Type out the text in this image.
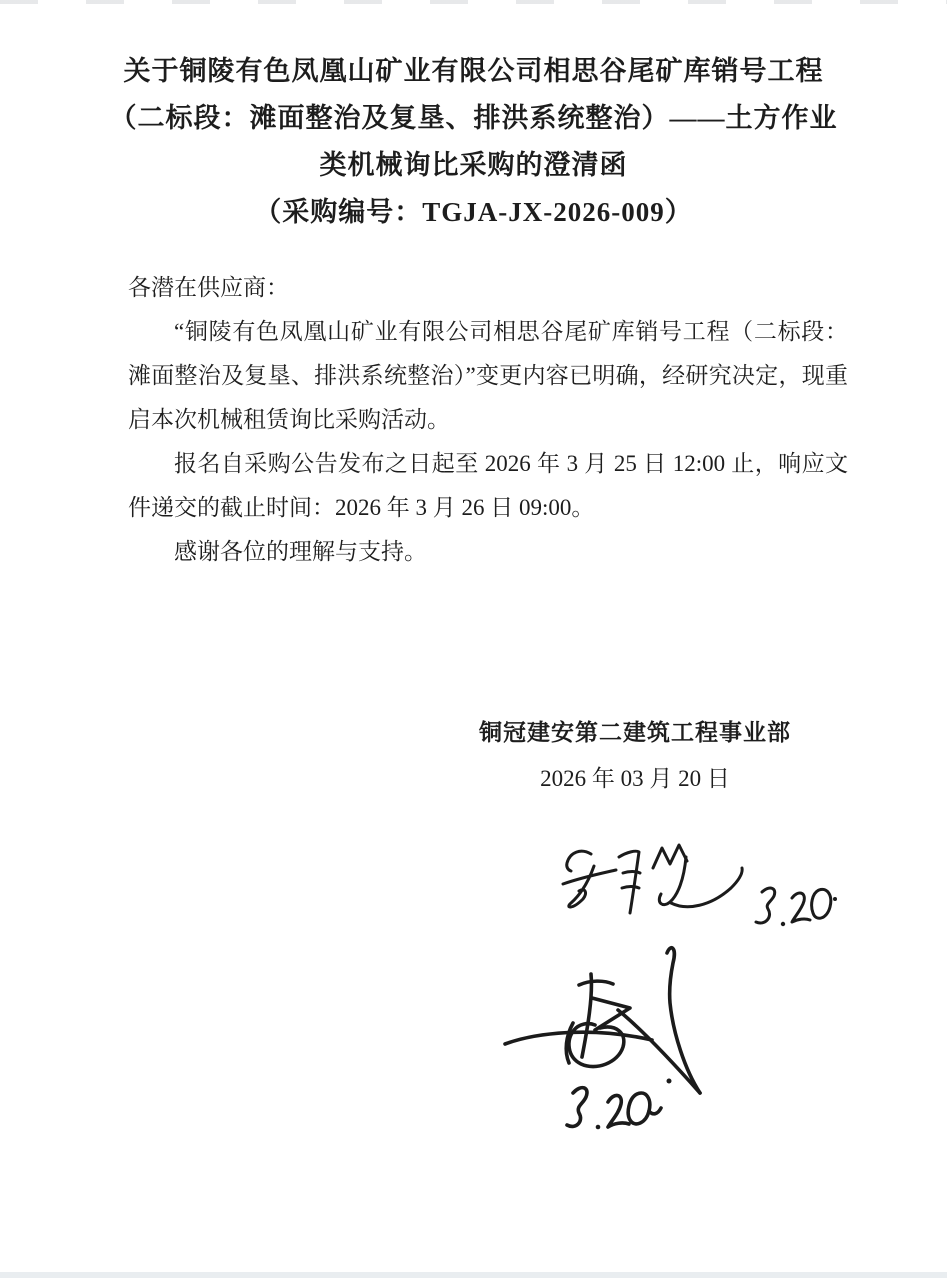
关于铜陵有色凤凰山矿业有限公司相思谷尾矿库销号工程
（二标段：滩面整治及复垦、排洪系统整治）——土方作业
类机械询比采购的澄清函
（采购编号：TGJA-JX-2026-009）

各潜在供应商：

“铜陵有色凤凰山矿业有限公司相思谷尾矿库销号工程（二标段：滩面整治及复垦、排洪系统整治）”变更内容已明确，经研究决定，现重启本次机械租赁询比采购活动。

报名自采购公告发布之日起至 2026 年 3 月 25 日 12:00 止，响应文件递交的截止时间：2026 年 3 月 26 日 09:00。

感谢各位的理解与支持。

铜冠建安第二建筑工程事业部
2026 年 03 月 20 日
